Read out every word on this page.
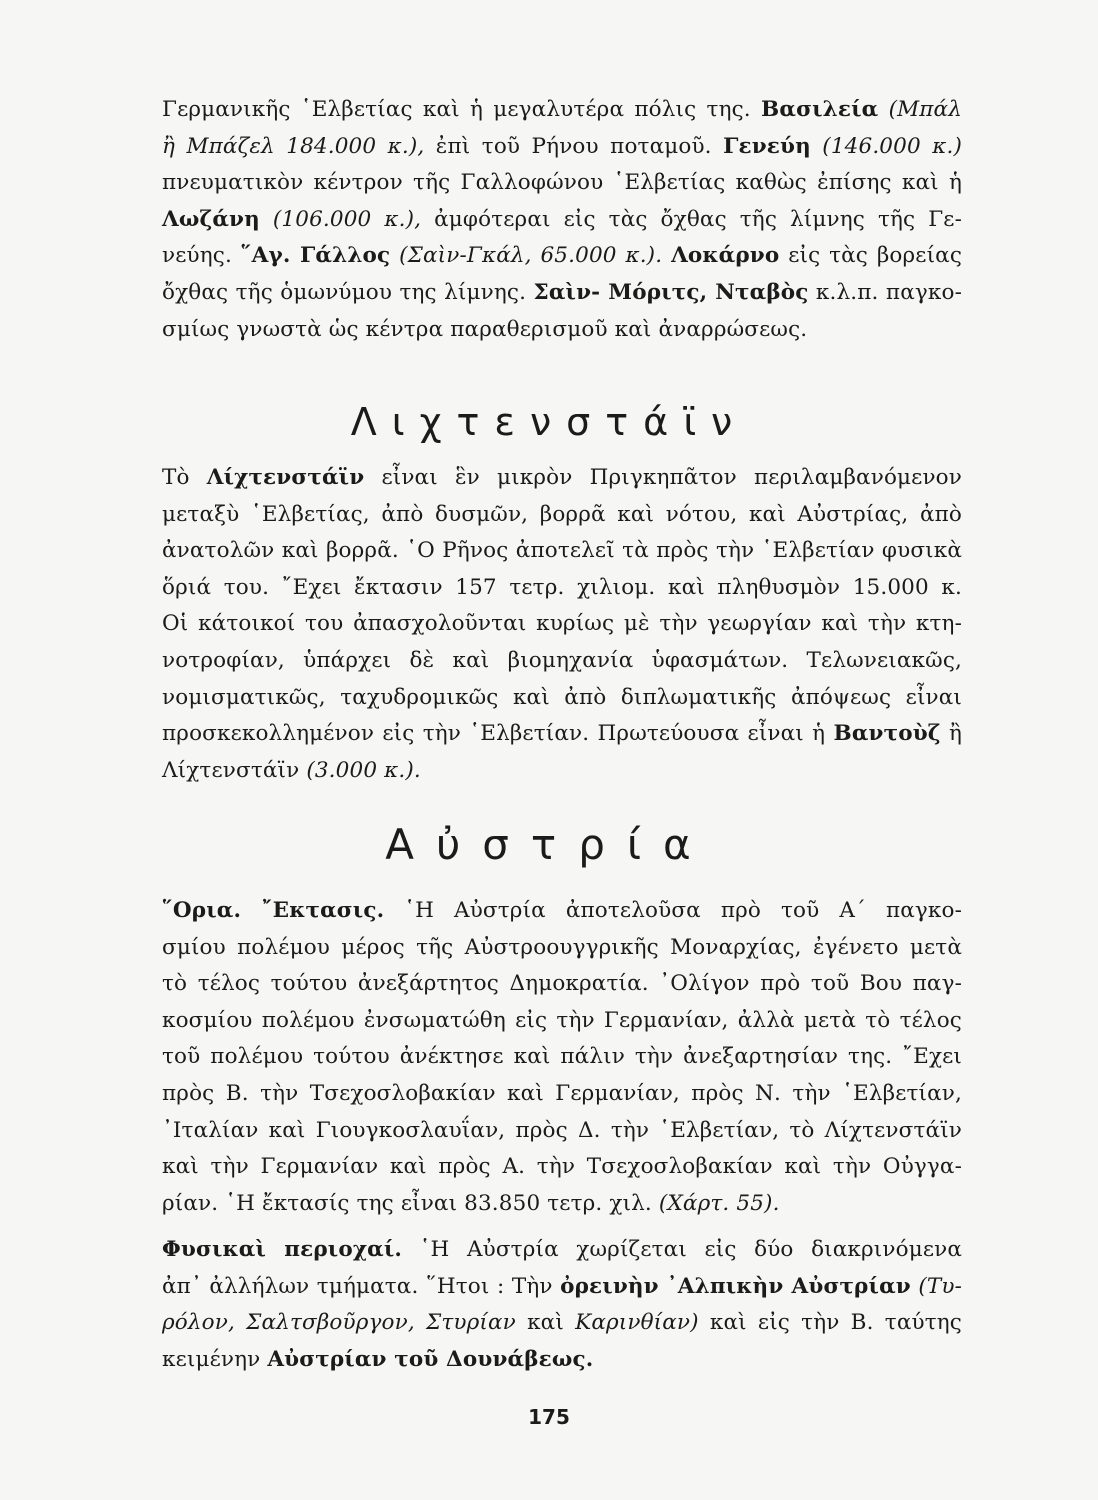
Γερμανικῆς ῾Ελβετίας καὶ ἡ μεγαλυτέρα πόλις της. Βασιλεία (Μπάλ
ἢ Μπάζελ 184.000 κ.), ἐπὶ τοῦ Ρήνου ποταμοῦ. Γενεύη (146.000 κ.)
πνευματικὸν κέντρον τῆς Γαλλοφώνου ῾Ελβετίας καθὼς ἐπίσης καὶ ἡ
Λωζάνη (106.000 κ.), ἀμφότεραι εἰς τὰς ὄχθας τῆς λίμνης τῆς Γε-
νεύης. ῞Αγ. Γάλλος (Σαὶν-Γκάλ, 65.000 κ.). Λοκάρνο εἰς τὰς βορείας
ὄχθας τῆς ὁμωνύμου της λίμνης. Σαὶν- Μόριτς, Νταβὸς κ.λ.π. παγκο-
σμίως γνωστὰ ὡς κέντρα παραθερισμοῦ καὶ ἀναρρώσεως.
Λιχτενστάϊν
Τὸ Λίχτενστάϊν εἶναι ἓν μικρὸν Πριγκηπᾶτον περιλαμβανόμενον
μεταξὺ ῾Ελβετίας, ἀπὸ δυσμῶν, βορρᾶ καὶ νότου, καὶ Αὐστρίας, ἀπὸ
ἀνατολῶν καὶ βορρᾶ. ῾Ο Ρῆνος ἀποτελεῖ τὰ πρὸς τὴν ῾Ελβετίαν φυσικὰ
ὅριά του. ῎Εχει ἔκτασιν 157 τετρ. χιλιομ. καὶ πληθυσμὸν 15.000 κ.
Οἱ κάτοικοί του ἀπασχολοῦνται κυρίως μὲ τὴν γεωργίαν καὶ τὴν κτη-
νοτροφίαν, ὑπάρχει δὲ καὶ βιομηχανία ὑφασμάτων. Τελωνειακῶς,
νομισματικῶς, ταχυδρομικῶς καὶ ἀπὸ διπλωματικῆς ἀπόψεως εἶναι
προσκεκολλημένον εἰς τὴν ῾Ελβετίαν. Πρωτεύουσα εἶναι ἡ Βαντοὺζ ἢ
Λίχτενστάϊν (3.000 κ.).
Αὐστρία
῞Ορια. ῎Εκτασις. ῾Η Αὐστρία ἀποτελοῦσα πρὸ τοῦ Α΄ παγκο-
σμίου πολέμου μέρος τῆς Αὐστροουγγρικῆς Μοναρχίας, ἐγένετο μετὰ
τὸ τέλος τούτου ἀνεξάρτητος Δημοκρατία. ᾿Ολίγον πρὸ τοῦ Βου παγ-
κοσμίου πολέμου ἐνσωματώθη εἰς τὴν Γερμανίαν, ἀλλὰ μετὰ τὸ τέλος
τοῦ πολέμου τούτου ἀνέκτησε καὶ πάλιν τὴν ἀνεξαρτησίαν της. ῎Εχει
πρὸς Β. τὴν Τσεχοσλοβακίαν καὶ Γερμανίαν, πρὸς Ν. τὴν ῾Ελβετίαν,
᾿Ιταλίαν καὶ Γιουγκοσλαυΐαν, πρὸς Δ. τὴν ῾Ελβετίαν, τὸ Λίχτενστάϊν
καὶ τὴν Γερμανίαν καὶ πρὸς Α. τὴν Τσεχοσλοβακίαν καὶ τὴν Οὐγγα-
ρίαν. ῾Η ἔκτασίς της εἶναι 83.850 τετρ. χιλ. (Χάρτ. 55).
Φυσικαὶ περιοχαί. ῾Η Αὐστρία χωρίζεται εἰς δύο διακρινόμενα
ἀπ᾿ ἀλλήλων τμήματα. ῞Ητοι : Τὴν ὀρεινὴν ᾿Αλπικὴν Αὐστρίαν (Τυ-
ρόλον, Σαλτσβοῦργον, Στυρίαν καὶ Καρινθίαν) καὶ εἰς τὴν Β. ταύτης
κειμένην Αὐστρίαν τοῦ Δουνάβεως.
175
